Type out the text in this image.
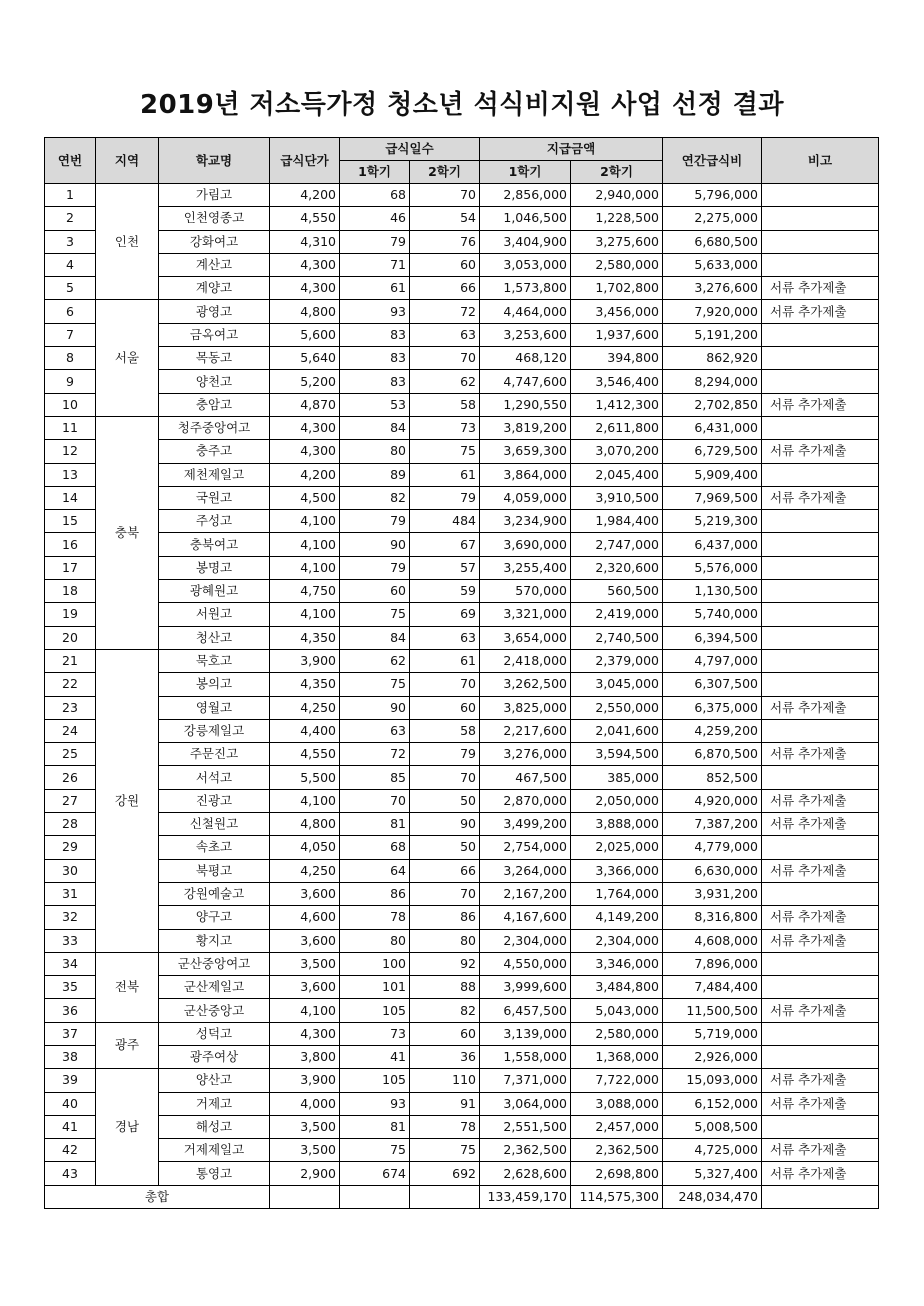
2019년 저소득가정 청소년 석식비지원 사업 선정 결과
연번	지역	학교명	급식단가	급식일수		지급금액		연간급식비	비고
				1학기	2학기	1학기	2학기		
1	인천	가림고	4,200	68	70	2,856,000	2,940,000	5,796,000	
2		인천영종고	4,550	46	54	1,046,500	1,228,500	2,275,000	
3		강화여고	4,310	79	76	3,404,900	3,275,600	6,680,500	
4		계산고	4,300	71	60	3,053,000	2,580,000	5,633,000	
5		계양고	4,300	61	66	1,573,800	1,702,800	3,276,600	서류 추가제출
6	서울	광영고	4,800	93	72	4,464,000	3,456,000	7,920,000	서류 추가제출
7		금옥여고	5,600	83	63	3,253,600	1,937,600	5,191,200	
8		목동고	5,640	83	70	468,120	394,800	862,920	
9		양천고	5,200	83	62	4,747,600	3,546,400	8,294,000	
10		충암고	4,870	53	58	1,290,550	1,412,300	2,702,850	서류 추가제출
11	충북	청주중앙여고	4,300	84	73	3,819,200	2,611,800	6,431,000	
12		충주고	4,300	80	75	3,659,300	3,070,200	6,729,500	서류 추가제출
13		제천제일고	4,200	89	61	3,864,000	2,045,400	5,909,400	
14		국원고	4,500	82	79	4,059,000	3,910,500	7,969,500	서류 추가제출
15		주성고	4,100	79	484	3,234,900	1,984,400	5,219,300	
16		충북여고	4,100	90	67	3,690,000	2,747,000	6,437,000	
17		봉명고	4,100	79	57	3,255,400	2,320,600	5,576,000	
18		광혜원고	4,750	60	59	570,000	560,500	1,130,500	
19		서원고	4,100	75	69	3,321,000	2,419,000	5,740,000	
20		청산고	4,350	84	63	3,654,000	2,740,500	6,394,500	
21	강원	묵호고	3,900	62	61	2,418,000	2,379,000	4,797,000	
22		봉의고	4,350	75	70	3,262,500	3,045,000	6,307,500	
23		영월고	4,250	90	60	3,825,000	2,550,000	6,375,000	서류 추가제출
24		강릉제일고	4,400	63	58	2,217,600	2,041,600	4,259,200	
25		주문진고	4,550	72	79	3,276,000	3,594,500	6,870,500	서류 추가제출
26		서석고	5,500	85	70	467,500	385,000	852,500	
27		진광고	4,100	70	50	2,870,000	2,050,000	4,920,000	서류 추가제출
28		신철원고	4,800	81	90	3,499,200	3,888,000	7,387,200	서류 추가제출
29		속초고	4,050	68	50	2,754,000	2,025,000	4,779,000	
30		북평고	4,250	64	66	3,264,000	3,366,000	6,630,000	서류 추가제출
31		강원예술고	3,600	86	70	2,167,200	1,764,000	3,931,200	
32		양구고	4,600	78	86	4,167,600	4,149,200	8,316,800	서류 추가제출
33		황지고	3,600	80	80	2,304,000	2,304,000	4,608,000	서류 추가제출
34	전북	군산중앙여고	3,500	100	92	4,550,000	3,346,000	7,896,000	
35		군산제일고	3,600	101	88	3,999,600	3,484,800	7,484,400	
36		군산중앙고	4,100	105	82	6,457,500	5,043,000	11,500,500	서류 추가제출
37	광주	성덕고	4,300	73	60	3,139,000	2,580,000	5,719,000	
38		광주여상	3,800	41	36	1,558,000	1,368,000	2,926,000	
39	경남	양산고	3,900	105	110	7,371,000	7,722,000	15,093,000	서류 추가제출
40		거제고	4,000	93	91	3,064,000	3,088,000	6,152,000	서류 추가제출
41		해성고	3,500	81	78	2,551,500	2,457,000	5,008,500	
42		거제제일고	3,500	75	75	2,362,500	2,362,500	4,725,000	서류 추가제출
43		통영고	2,900	674	692	2,628,600	2,698,800	5,327,400	서류 추가제출
총합						133,459,170	114,575,300	248,034,470	
